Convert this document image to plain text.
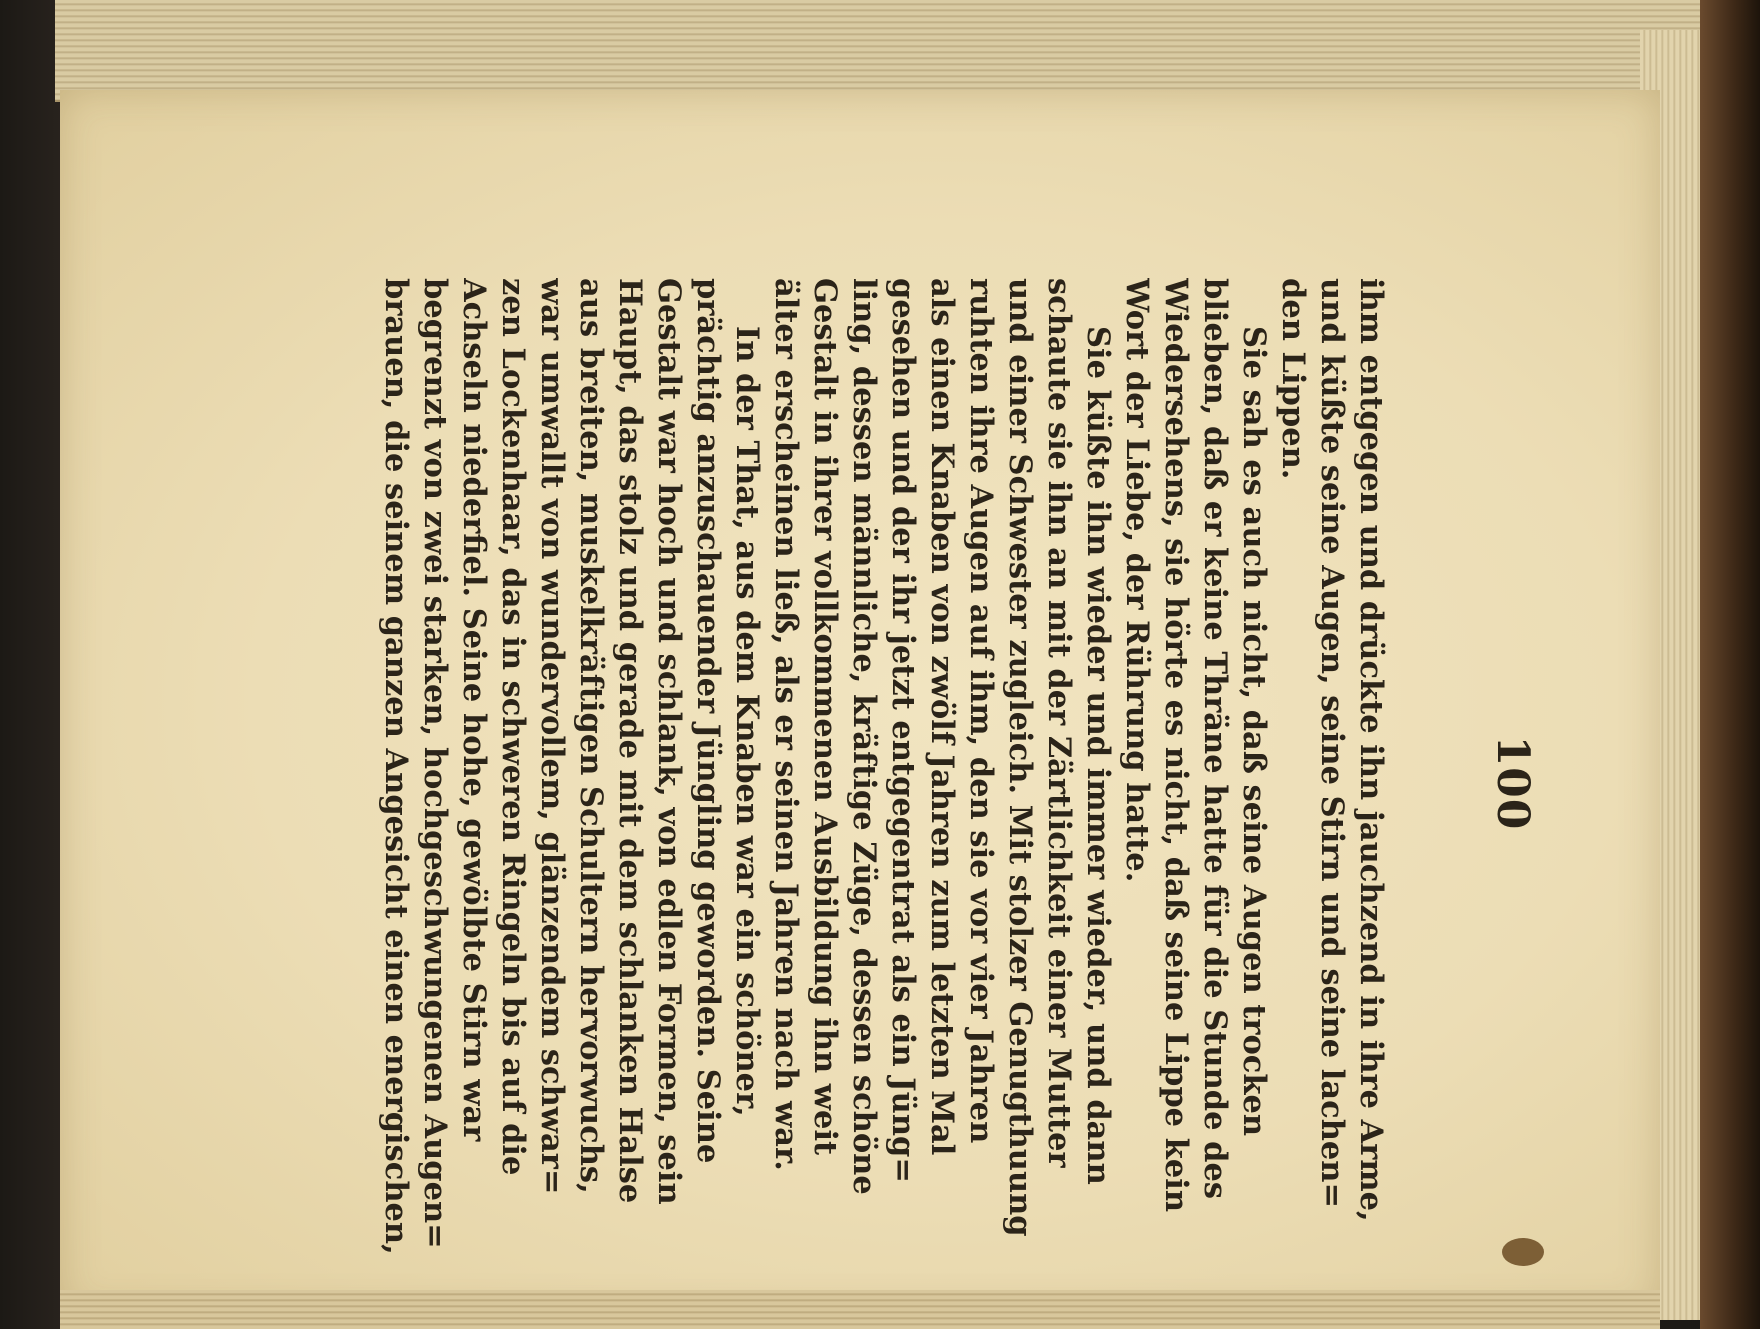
100
ihm entgegen und drückte ihn jauchzend in ihre Arme,
und küßte seine Augen, seine Stirn und seine lachen=
den Lippen.
Sie sah es auch nicht, daß seine Augen trocken
blieben, daß er keine Thräne hatte für die Stunde des
Wiedersehens, sie hörte es nicht, daß seine Lippe kein
Wort der Liebe, der Rührung hatte.
Sie küßte ihn wieder und immer wieder, und dann
schaute sie ihn an mit der Zärtlichkeit einer Mutter
und einer Schwester zugleich. Mit stolzer Genugthuung
ruhten ihre Augen auf ihm, den sie vor vier Jahren
als einen Knaben von zwölf Jahren zum letzten Mal
gesehen und der ihr jetzt entgegentrat als ein Jüng=
ling, dessen männliche, kräftige Züge, dessen schöne
Gestalt in ihrer vollkommenen Ausbildung ihn weit
älter erscheinen ließ, als er seinen Jahren nach war.
In der That, aus dem Knaben war ein schöner,
prächtig anzuschauender Jüngling geworden. Seine
Gestalt war hoch und schlank, von edlen Formen, sein
Haupt, das stolz und gerade mit dem schlanken Halse
aus breiten, muskelkräftigen Schultern hervorwuchs,
war umwallt von wundervollem, glänzendem schwar=
zen Lockenhaar, das in schweren Ringeln bis auf die
Achseln niederfiel. Seine hohe, gewölbte Stirn war
begrenzt von zwei starken, hochgeschwungenen Augen=
brauen, die seinem ganzen Angesicht einen energischen,
